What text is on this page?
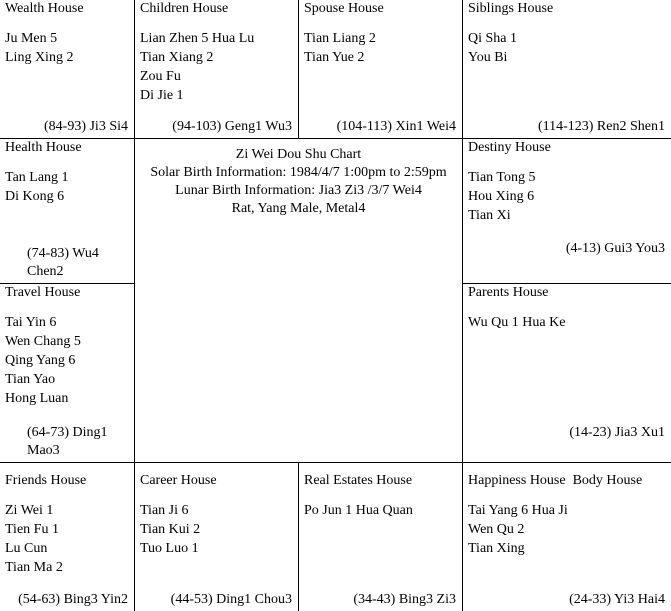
Wealth House
Ju Men 5
Ling Xing 2
(84-93) Ji3 Si4
Children House
Lian Zhen 5 Hua Lu
Tian Xiang 2
Zou Fu
Di Jie 1
(94-103) Geng1 Wu3
Spouse House
Tian Liang 2
Tian Yue 2
(104-113) Xin1 Wei4
Siblings House
Qi Sha 1
You Bi
(114-123) Ren2 Shen1
Health House
Tan Lang 1
Di Kong 6
(74-83) Wu4 Chen2
Zi Wei Dou Shu Chart
Solar Birth Information: 1984/4/7 1:00pm to 2:59pm
Lunar Birth Information: Jia3 Zi3 /3/7 Wei4
Rat, Yang Male, Metal4
Destiny House
Tian Tong 5
Hou Xing 6
Tian Xi
(4-13) Gui3 You3
Travel House
Tai Yin 6
Wen Chang 5
Qing Yang 6
Tian Yao
Hong Luan
(64-73) Ding1 Mao3
Parents House
Wu Qu 1 Hua Ke
(14-23) Jia3 Xu1
Friends House
Zi Wei 1
Tien Fu 1
Lu Cun
Tian Ma 2
(54-63) Bing3 Yin2
Career House
Tian Ji 6
Tian Kui 2
Tuo Luo 1
(44-53) Ding1 Chou3
Real Estates House
Po Jun 1 Hua Quan
(34-43) Bing3 Zi3
Happiness House  Body House
Tai Yang 6 Hua Ji
Wen Qu 2
Tian Xing
(24-33) Yi3 Hai4
